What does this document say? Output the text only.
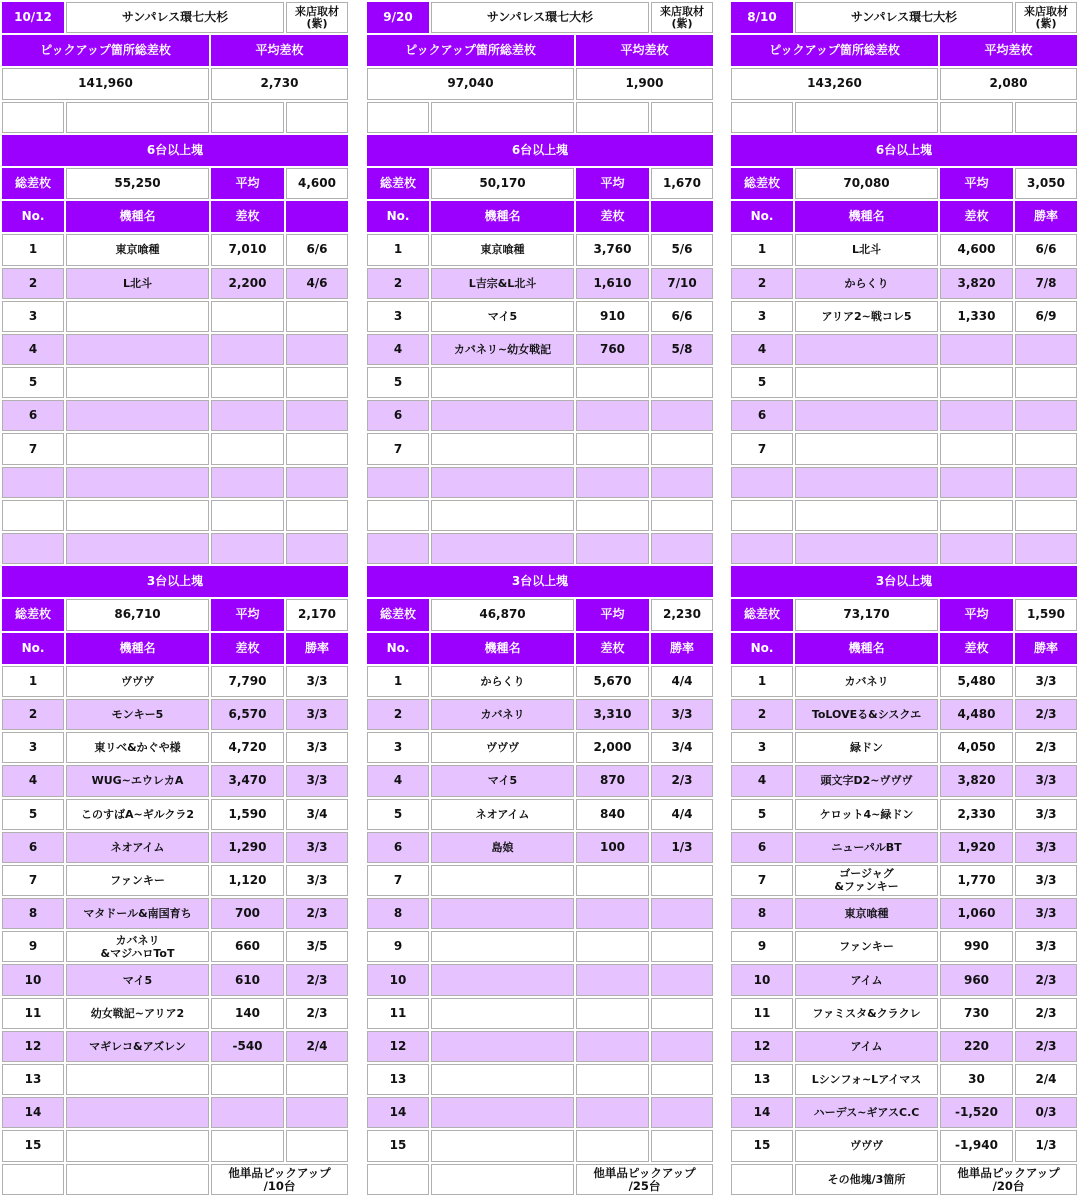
10/12	サンパレス環七大杉	来店取材
(紫)
ピックアップ箇所総差枚	平均差枚
141,960	2,730
6台以上塊
総差枚	55,250	平均	4,600
No.	機種名	差枚
1	東京喰種	7,010	6/6
2	L北斗	2,200	4/6
3
4
5
6
7
3台以上塊
総差枚	86,710	平均	2,170
No.	機種名	差枚	勝率
1	ヴヴヴ	7,790	3/3
2	モンキー5	6,570	3/3
3	東リベ&かぐや様	4,720	3/3
4	WUG~エウレカA	3,470	3/3
5	このすばA~ギルクラ2	1,590	3/4
6	ネオアイム	1,290	3/3
7	ファンキー	1,120	3/3
8	マタドール&南国育ち	700	2/3
9	カバネリ
&マジハロToT	660	3/5
10	マイ5	610	2/3
11	幼女戦記~アリア2	140	2/3
12	マギレコ&アズレン	-540	2/4
13
14
15
他単品ピックアップ
/10台
9/20	サンパレス環七大杉	来店取材
(紫)
ピックアップ箇所総差枚	平均差枚
97,040	1,900
6台以上塊
総差枚	50,170	平均	1,670
No.	機種名	差枚
1	東京喰種	3,760	5/6
2	L吉宗&L北斗	1,610	7/10
3	マイ5	910	6/6
4	カバネリ~幼女戦記	760	5/8
5
6
7
3台以上塊
総差枚	46,870	平均	2,230
No.	機種名	差枚	勝率
1	からくり	5,670	4/4
2	カバネリ	3,310	3/3
3	ヴヴヴ	2,000	3/4
4	マイ5	870	2/3
5	ネオアイム	840	4/4
6	島娘	100	1/3
7
8
9
10
11
12
13
14
15
他単品ピックアップ
/25台
8/10	サンパレス環七大杉	来店取材
(紫)
ピックアップ箇所総差枚	平均差枚
143,260	2,080
6台以上塊
総差枚	70,080	平均	3,050
No.	機種名	差枚	勝率
1	L北斗	4,600	6/6
2	からくり	3,820	7/8
3	アリア2~戦コレ5	1,330	6/9
4
5
6
7
3台以上塊
総差枚	73,170	平均	1,590
No.	機種名	差枚	勝率
1	カバネリ	5,480	3/3
2	ToLOVEる&シスクエ	4,480	2/3
3	緑ドン	4,050	2/3
4	頭文字D2~ヴヴヴ	3,820	3/3
5	ケロット4~緑ドン	2,330	3/3
6	ニューパルBT	1,920	3/3
7	ゴージャグ
&ファンキー	1,770	3/3
8	東京喰種	1,060	3/3
9	ファンキー	990	3/3
10	アイム	960	2/3
11	ファミスタ&クラクレ	730	2/3
12	アイム	220	2/3
13	Lシンフォ~Lアイマス	30	2/4
14	ハーデス~ギアスC.C	-1,520	0/3
15	ヴヴヴ	-1,940	1/3
その他塊/3箇所	他単品ピックアップ
/20台
